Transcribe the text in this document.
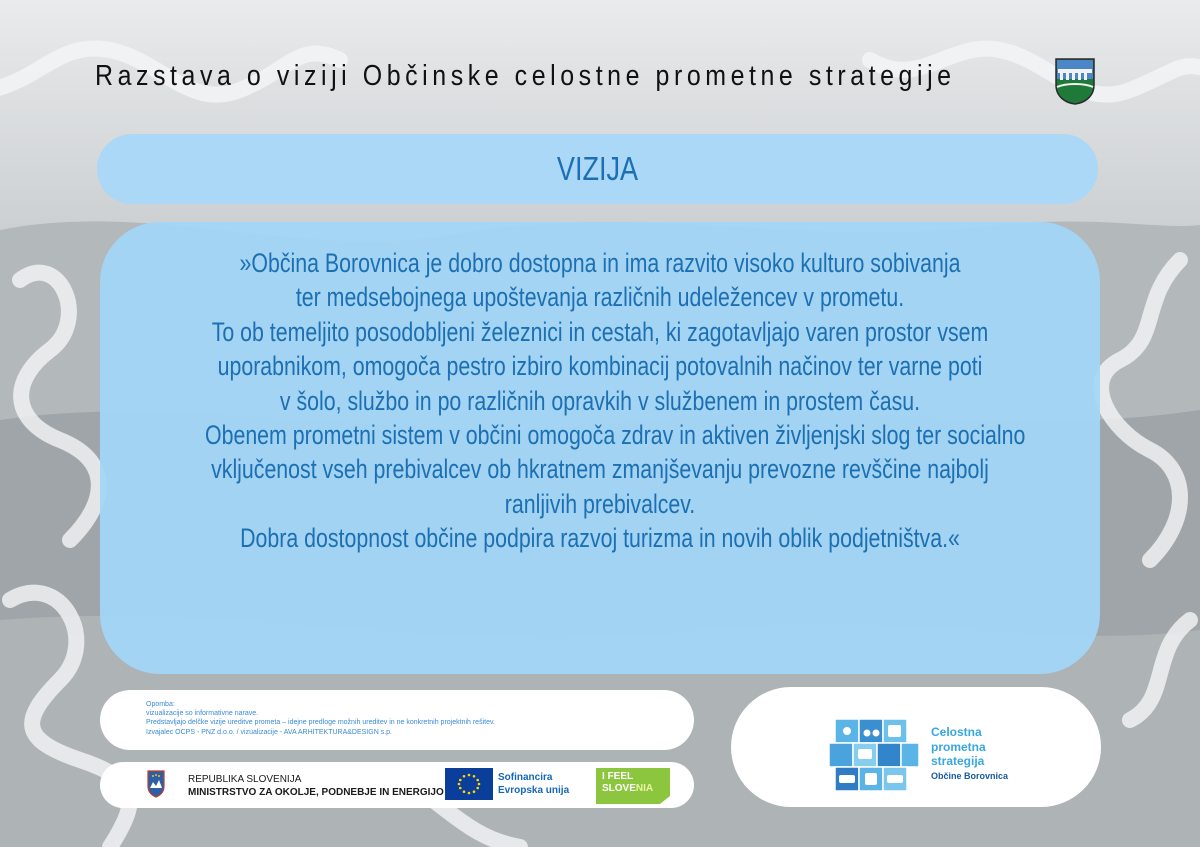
Razstava o viziji Občinske celostne prometne strategije
VIZIJA
»Občina Borovnica je dobro dostopna in ima razvito visoko kulturo sobivanja
ter medsebojnega upoštevanja različnih udeležencev v prometu.
To ob temeljito posodobljeni železnici in cestah, ki zagotavljajo varen prostor vsem
uporabnikom, omogoča pestro izbiro kombinacij potovalnih načinov ter varne poti
v šolo, službo in po različnih opravkih v službenem in prostem času.
Obenem prometni sistem v občini omogoča zdrav in aktiven življenjski slog ter socialno
vključenost vseh prebivalcev ob hkratnem zmanjševanju prevozne revščine najbolj
ranljivih prebivalcev.
Dobra dostopnost občine podpira razvoj turizma in novih oblik podjetništva.«
Opomba:
vizualizacije so informativne narave.
Predstavljajo delčke vizije ureditve prometa – idejne predloge možnih ureditev in ne konkretnih projektnih rešitev.
Izvajalec OCPS - PNZ d.o.o. / vizualizacije - AVA ARHITEKTURA&DESIGN s.p.
REPUBLIKA SLOVENIJA
MINISTRSTVO ZA OKOLJE, PODNEBJE IN ENERGIJO
Sofinancira
Evropska unija
I FEEL
SLOVENIA
Celostna
prometna
strategija
Občine Borovnica
